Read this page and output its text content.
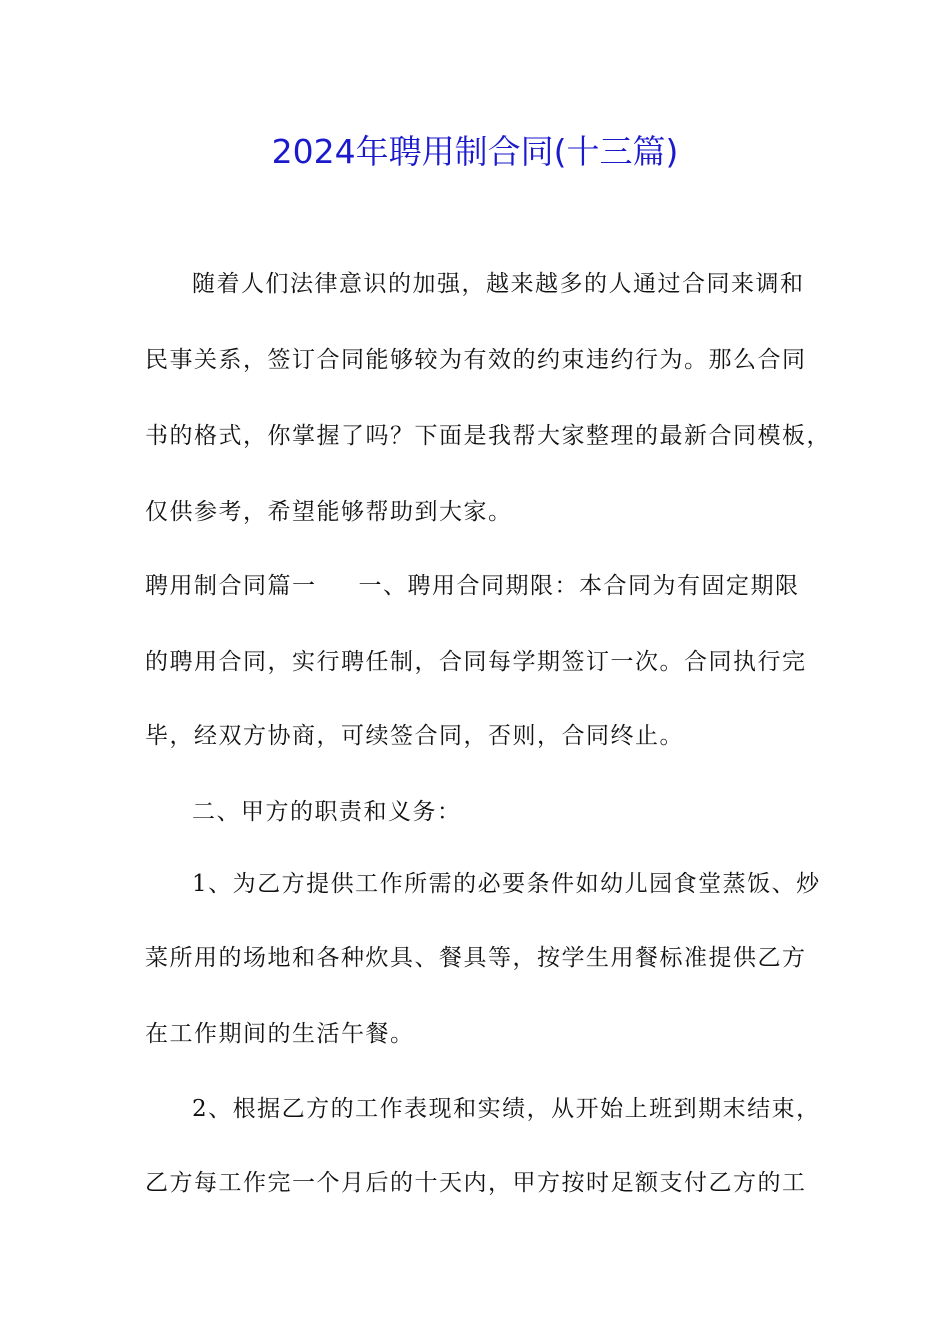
2024年聘用制合同(十三篇)
随着人们法律意识的加强，越来越多的人通过合同来调和
民事关系，签订合同能够较为有效的约束违约行为。那么合同
书的格式，你掌握了吗？下面是我帮大家整理的最新合同模板，
仅供参考，希望能够帮助到大家。
聘用制合同篇一 一、聘用合同期限：本合同为有固定期限
的聘用合同，实行聘任制，合同每学期签订一次。合同执行完
毕，经双方协商，可续签合同，否则，合同终止。
二、甲方的职责和义务：
1、为乙方提供工作所需的必要条件如幼儿园食堂蒸饭、炒
菜所用的场地和各种炊具、餐具等，按学生用餐标准提供乙方
在工作期间的生活午餐。
2、根据乙方的工作表现和实绩，从开始上班到期末结束，
乙方每工作完一个月后的十天内，甲方按时足额支付乙方的工
